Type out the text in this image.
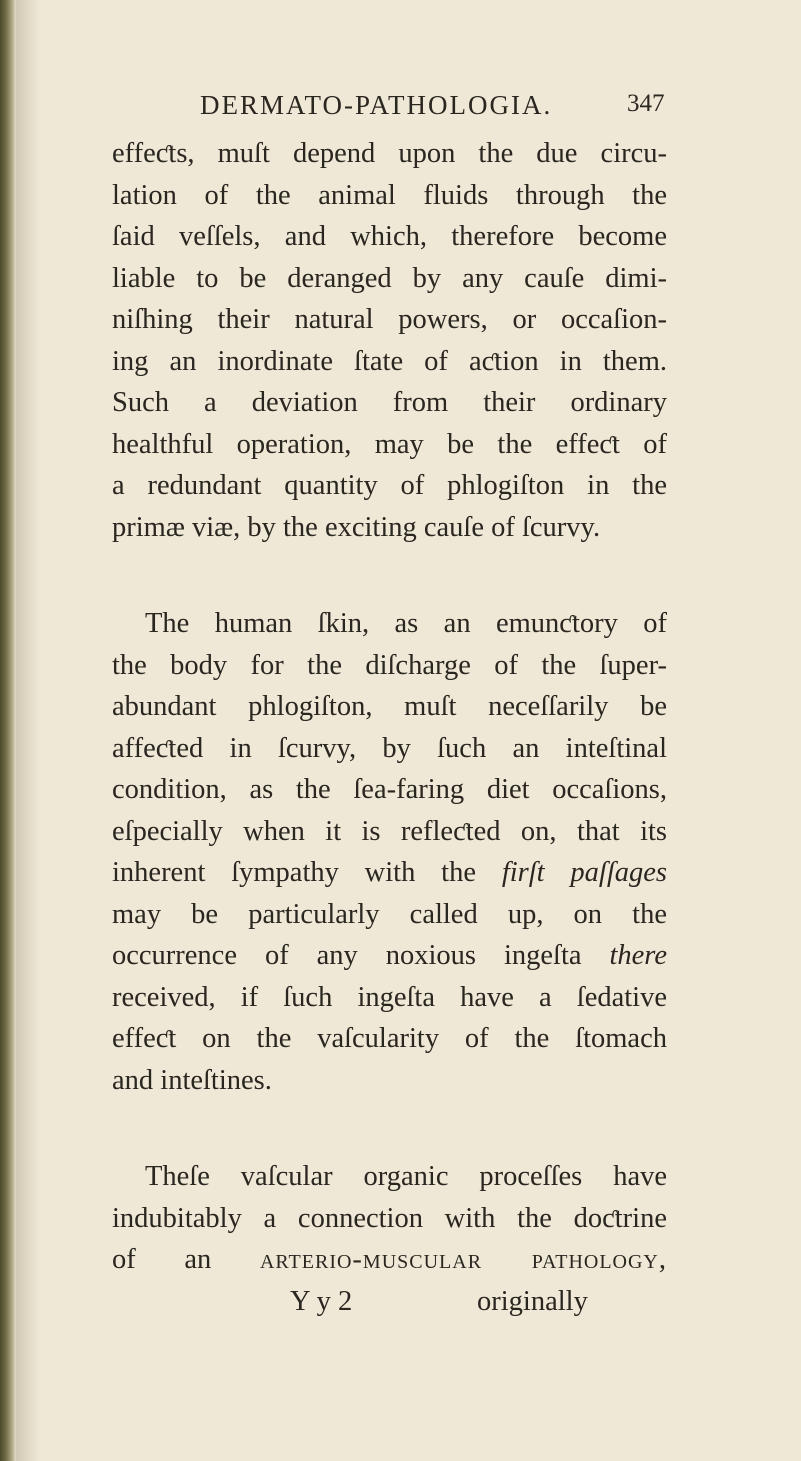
DERMATO-PATHOLOGIA.	347
effeƈts, muſt depend upon the due circu-
lation of the animal fluids through the
ſaid veſſels, and which, therefore become
liable to be deranged by any cauſe dimi-
niſhing their natural powers, or occaſion-
ing an inordinate ſtate of aƈtion in them.
Such a deviation from their ordinary
healthful operation, may be the effeƈt of
a redundant quantity of phlogiſton in the
primæ viæ, by the exciting cauſe of ſcurvy.
The human ſkin, as an emunƈtory of
the body for the diſcharge of the ſuper-
abundant phlogiſton, muſt neceſſarily be
affeƈted in ſcurvy, by ſuch an inteſtinal
condition, as the ſea-faring diet occaſions,
eſpecially when it is refleƈted on, that its
inherent ſympathy with the firſt paſſages
may be particularly called up, on the
occurrence of any noxious ingeſta there
received, if ſuch ingeſta have a ſedative
effeƈt on the vaſcularity of the ſtomach
and inteſtines.
Theſe vaſcular organic proceſſes have
indubitably a connection with the doƈtrine
of an arterio-muscular pathology,
Y y 2	originally
